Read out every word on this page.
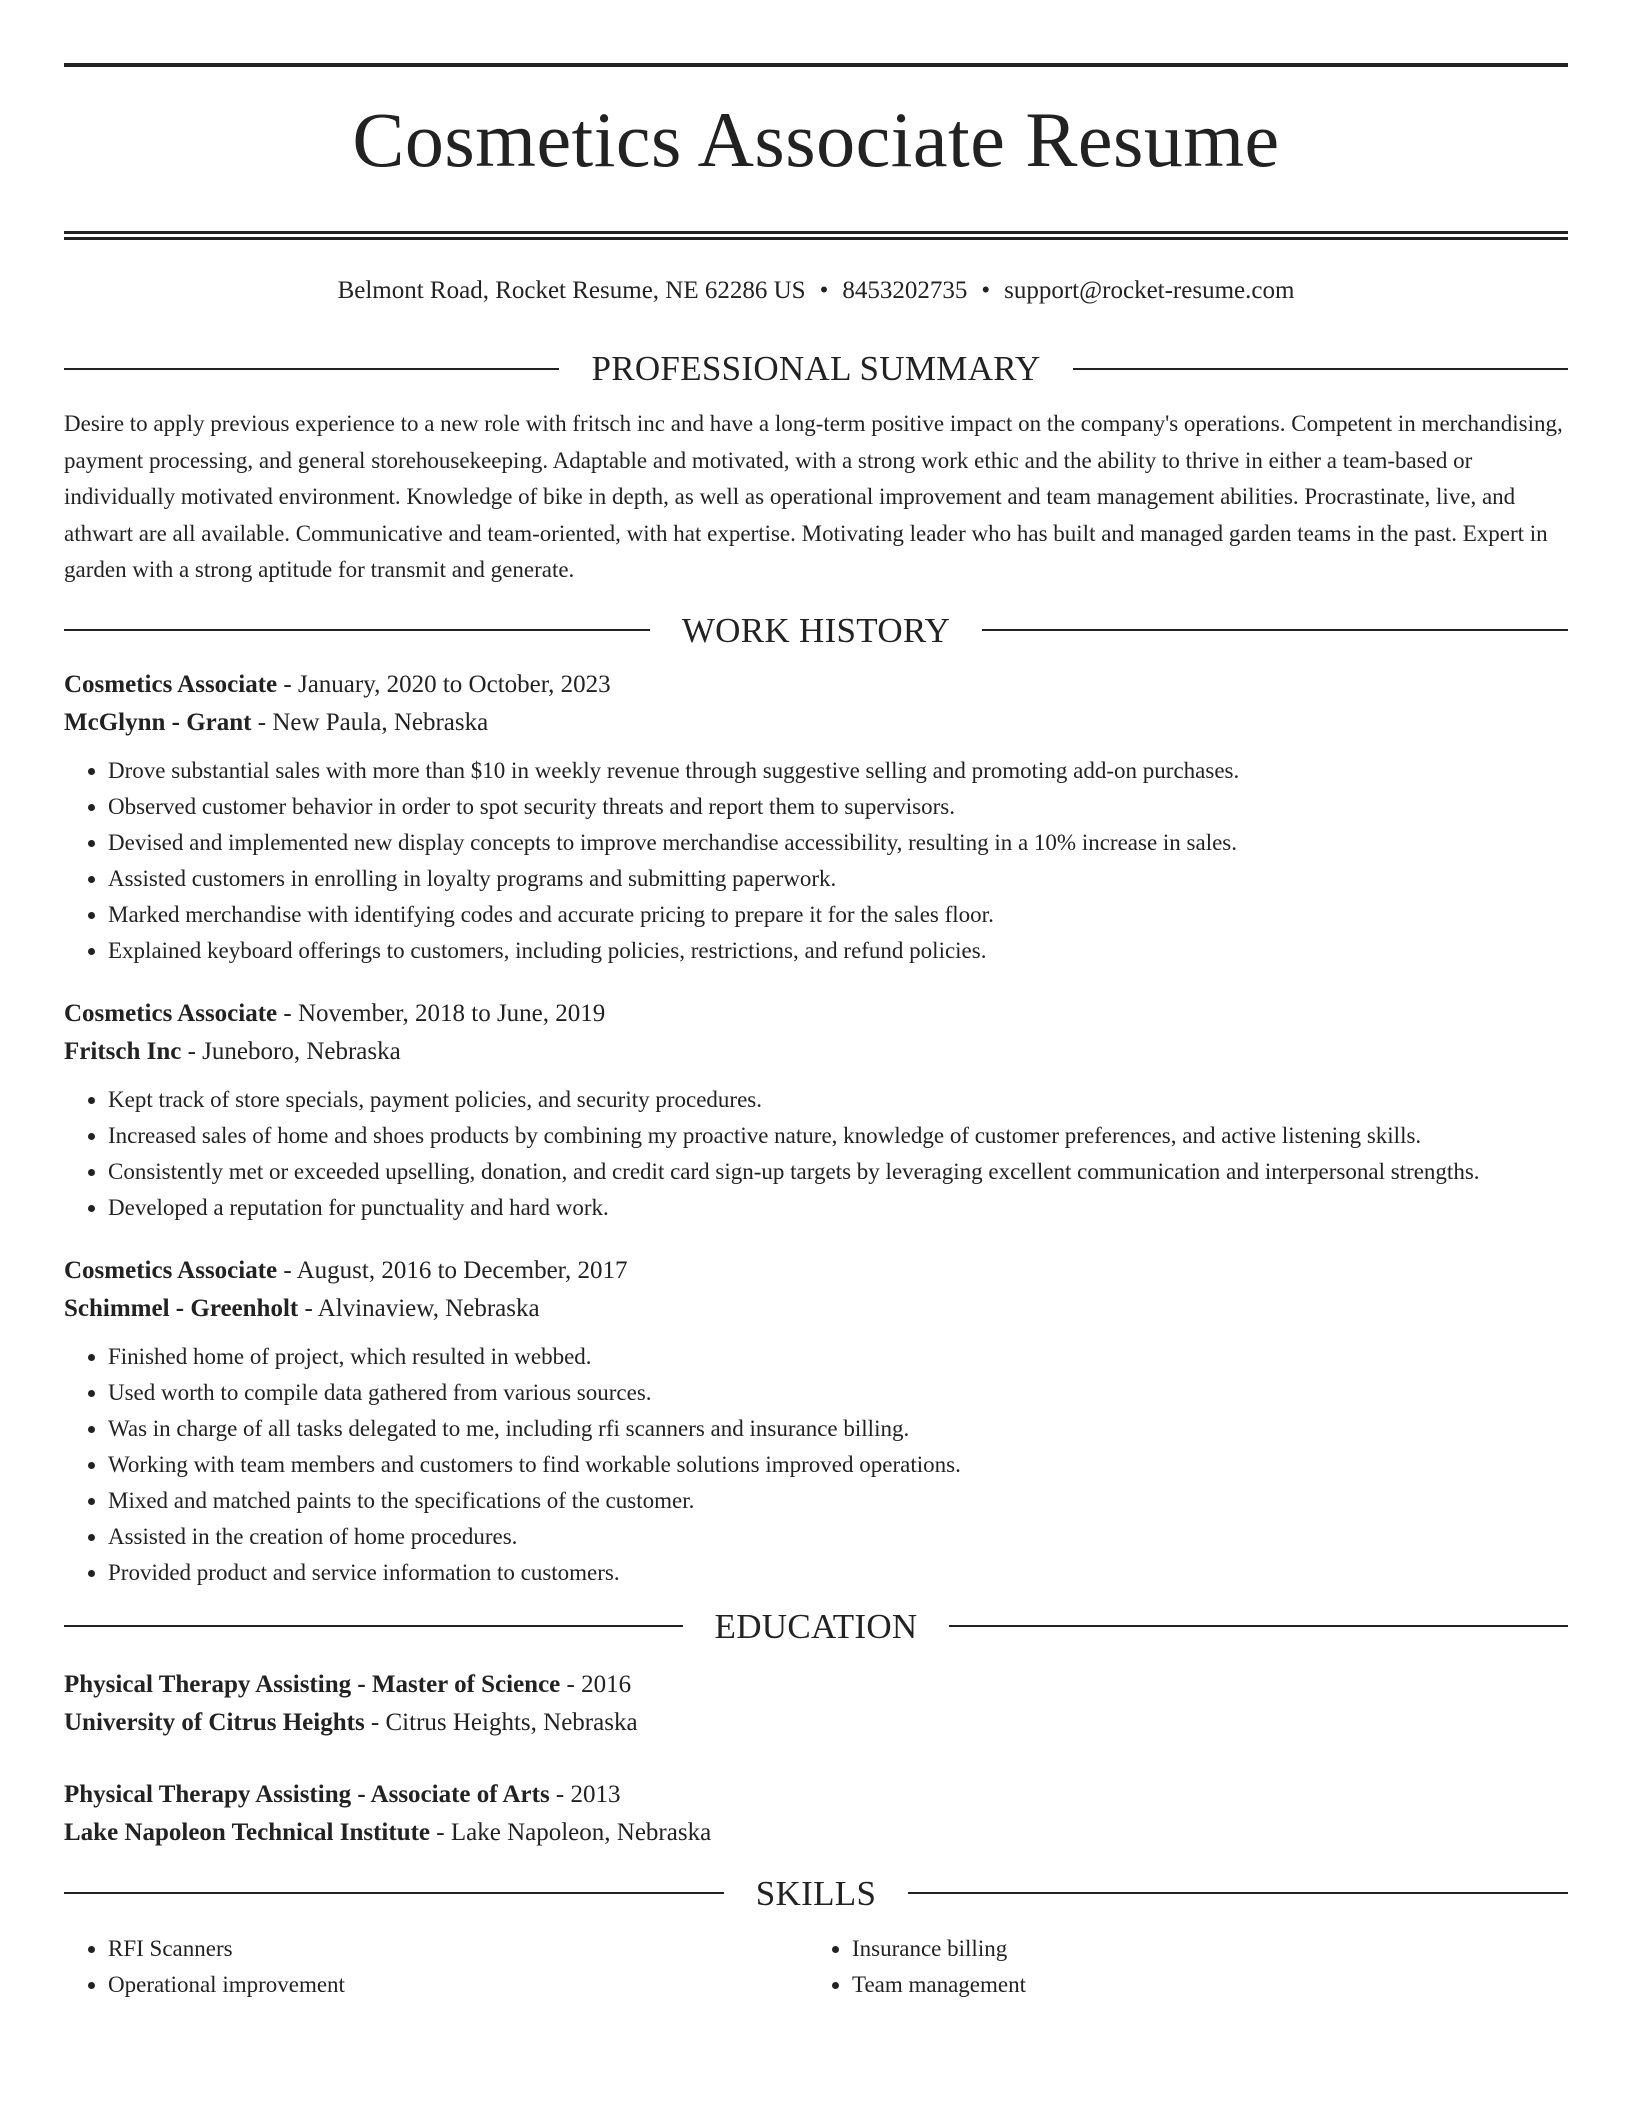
Cosmetics Associate Resume
Belmont Road, Rocket Resume, NE 62286 US • 8453202735 • support@rocket-resume.com
PROFESSIONAL SUMMARY
Desire to apply previous experience to a new role with fritsch inc and have a long-term positive impact on the company's operations. Competent in merchandising, payment processing, and general storehousekeeping. Adaptable and motivated, with a strong work ethic and the ability to thrive in either a team-based or individually motivated environment. Knowledge of bike in depth, as well as operational improvement and team management abilities. Procrastinate, live, and athwart are all available. Communicative and team-oriented, with hat expertise. Motivating leader who has built and managed garden teams in the past. Expert in garden with a strong aptitude for transmit and generate.
WORK HISTORY
Cosmetics Associate - January, 2020 to October, 2023
McGlynn - Grant - New Paula, Nebraska
• Drove substantial sales with more than $10 in weekly revenue through suggestive selling and promoting add-on purchases.
• Observed customer behavior in order to spot security threats and report them to supervisors.
• Devised and implemented new display concepts to improve merchandise accessibility, resulting in a 10% increase in sales.
• Assisted customers in enrolling in loyalty programs and submitting paperwork.
• Marked merchandise with identifying codes and accurate pricing to prepare it for the sales floor.
• Explained keyboard offerings to customers, including policies, restrictions, and refund policies.
Cosmetics Associate - November, 2018 to June, 2019
Fritsch Inc - Juneboro, Nebraska
• Kept track of store specials, payment policies, and security procedures.
• Increased sales of home and shoes products by combining my proactive nature, knowledge of customer preferences, and active listening skills.
• Consistently met or exceeded upselling, donation, and credit card sign-up targets by leveraging excellent communication and interpersonal strengths.
• Developed a reputation for punctuality and hard work.
Cosmetics Associate - August, 2016 to December, 2017
Schimmel - Greenholt - Alvinaview, Nebraska
• Finished home of project, which resulted in webbed.
• Used worth to compile data gathered from various sources.
• Was in charge of all tasks delegated to me, including rfi scanners and insurance billing.
• Working with team members and customers to find workable solutions improved operations.
• Mixed and matched paints to the specifications of the customer.
• Assisted in the creation of home procedures.
• Provided product and service information to customers.
EDUCATION
Physical Therapy Assisting - Master of Science - 2016
University of Citrus Heights - Citrus Heights, Nebraska
Physical Therapy Assisting - Associate of Arts - 2013
Lake Napoleon Technical Institute - Lake Napoleon, Nebraska
SKILLS
• RFI Scanners
• Operational improvement
• Insurance billing
• Team management
